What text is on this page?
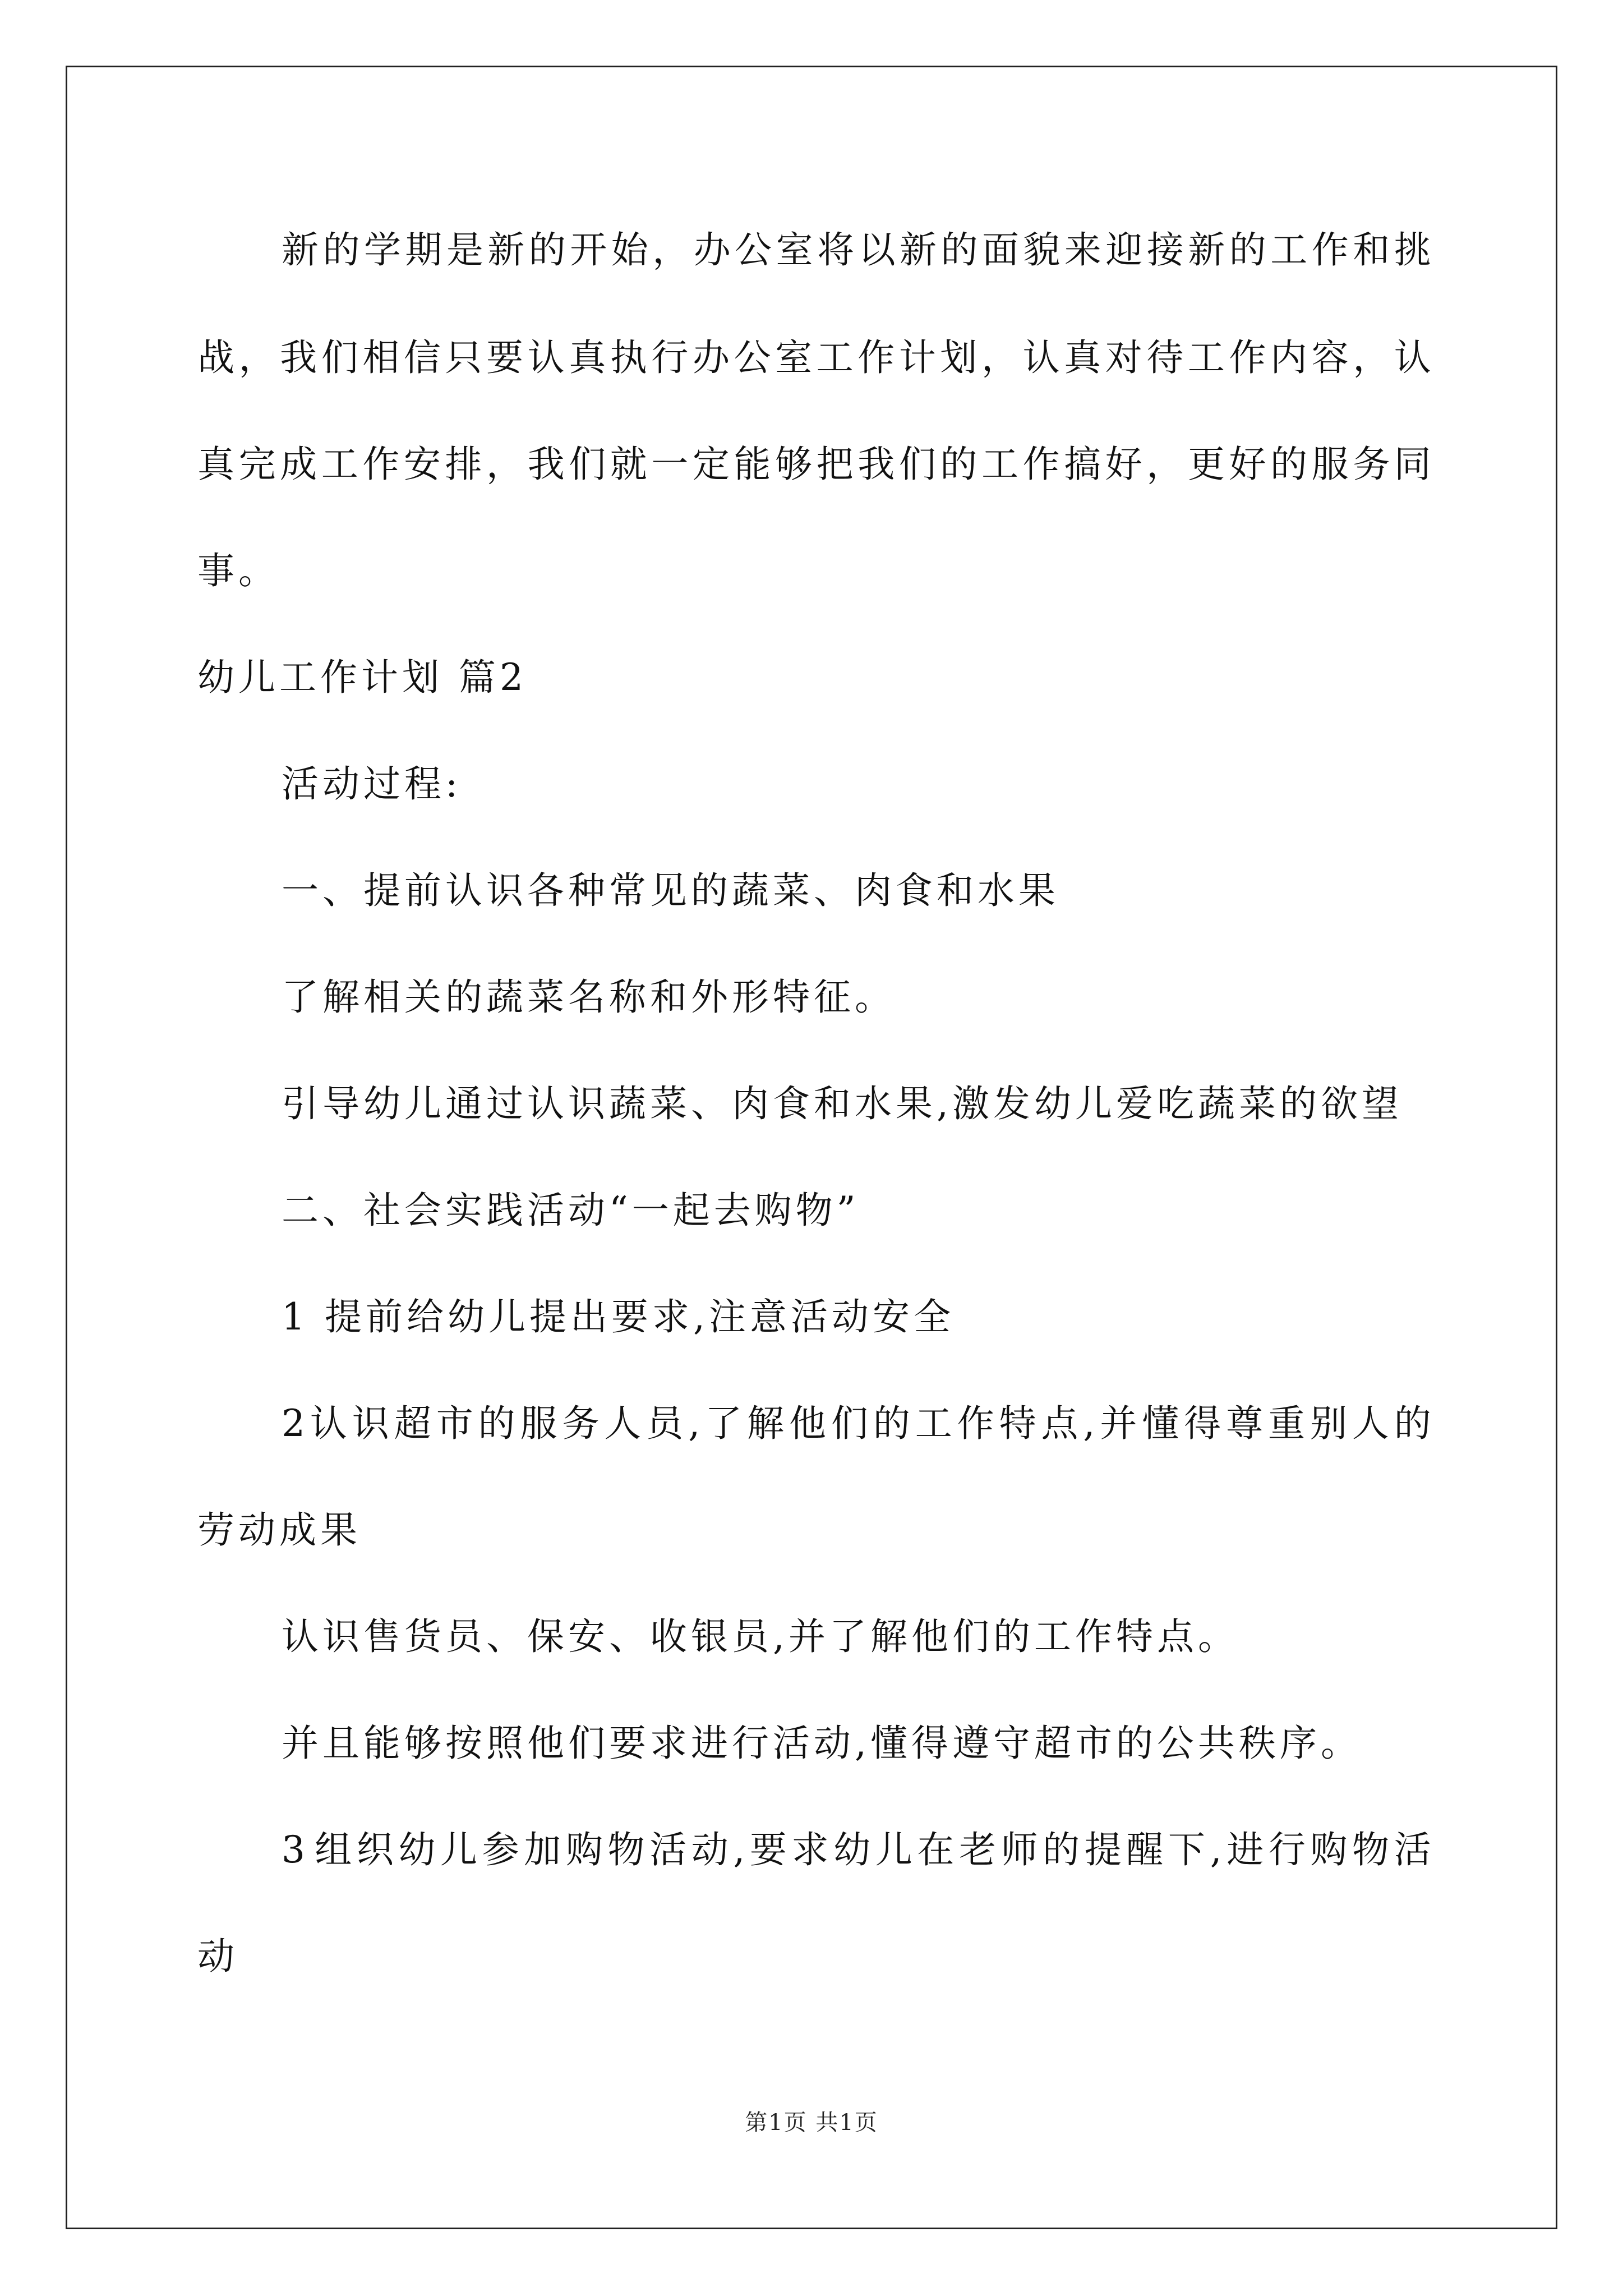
新 的 学 期 是 新 的 开 始 ， 办 公 室 将 以 新 的 面 貌 来 迎 接 新 的 工 作 和 挑
战 ， 我 们 相 信 只 要 认 真 执 行 办 公 室 工 作 计 划 ， 认 真 对 待 工 作 内 容 ， 认
真 完 成 工 作 安 排 ， 我 们 就 一 定 能 够 把 我 们 的 工 作 搞 好 ， 更 好 的 服 务 同
事。
幼儿工作计划 篇2
活动过程:
一、提前认识各种常见的蔬菜、肉食和水果
了解相关的蔬菜名称和外形特征。
引导幼儿通过认识蔬菜、肉食和水果,激发幼儿爱吃蔬菜的欲望
二、社会实践活动“一起去购物”
1 提前给幼儿提出要求,注意活动安全
2 认 识 超 市 的 服 务 人 员 , 了 解 他 们 的 工 作 特 点 , 并 懂 得 尊 重 别 人 的
劳动成果
认识售货员、保安、收银员,并了解他们的工作特点。
并且能够按照他们要求进行活动,懂得遵守超市的公共秩序。
3 组 织 幼 儿 参 加 购 物 活 动 , 要 求 幼 儿 在 老 师 的 提 醒 下 , 进 行 购 物 活
动
第1页 共1页
